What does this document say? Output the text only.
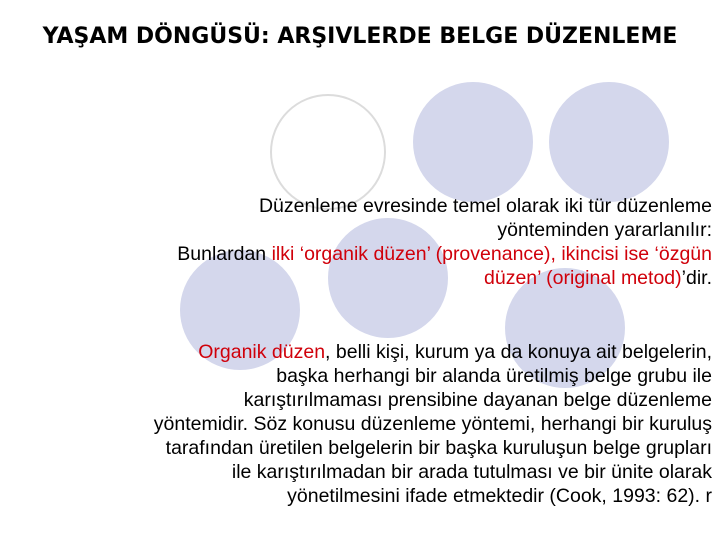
YAŞAM DÖNGÜSÜ: ARŞIVLERDE BELGE DÜZENLEME
Düzenleme evresinde temel olarak iki tür düzenleme
yönteminden yararlanılır:
Bunlardan ilki ‘organik düzen’ (provenance), ikincisi ise ‘özgün
düzen’ (original metod)’dir.
Organik düzen, belli kişi, kurum ya da konuya ait belgelerin,
başka herhangi bir alanda üretilmiş belge grubu ile
karıştırılmaması prensibine dayanan belge düzenleme
yöntemidir. Söz konusu düzenleme yöntemi, herhangi bir kuruluş
tarafından üretilen belgelerin bir başka kuruluşun belge grupları
ile karıştırılmadan bir arada tutulması ve bir ünite olarak
yönetilmesini ifade etmektedir (Cook, 1993: 62). r
